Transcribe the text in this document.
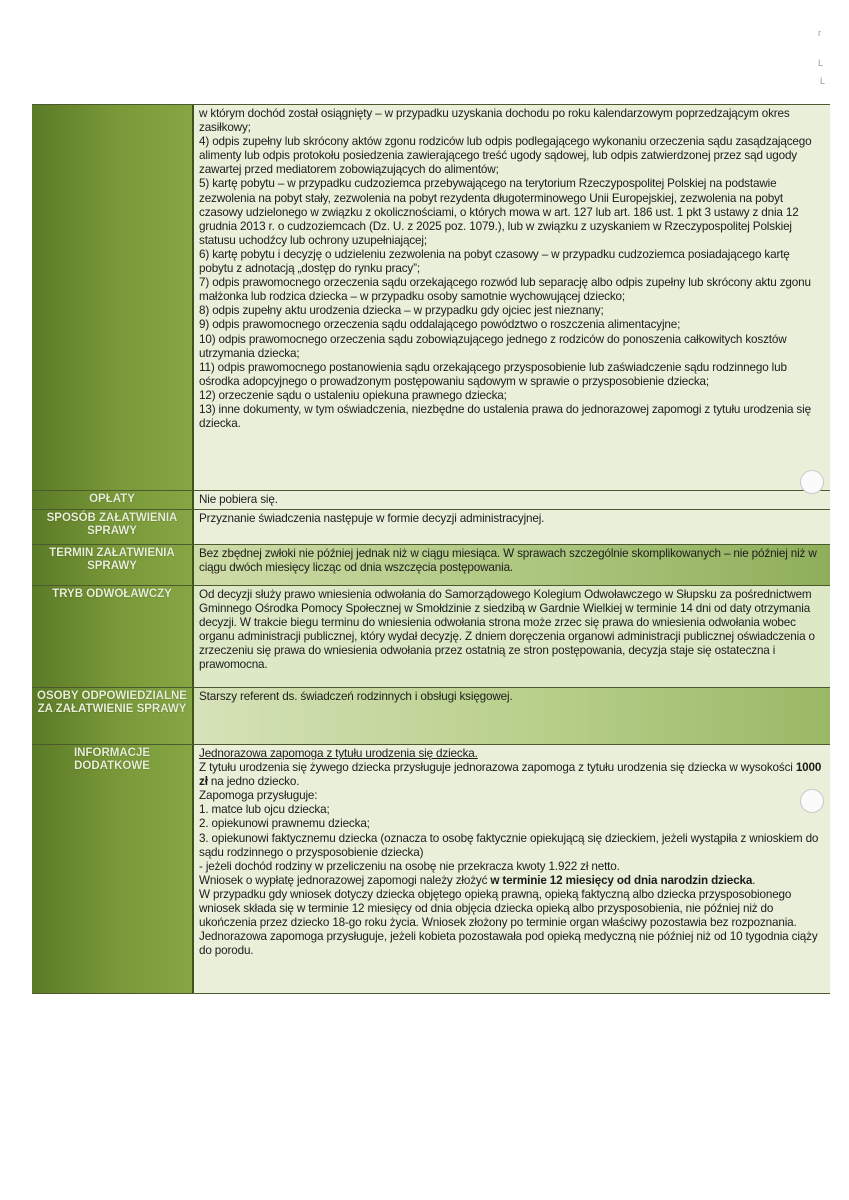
r
L
L

w którym dochód został osiągnięty – w przypadku uzyskania dochodu po roku kalendarzowym poprzedzającym okres zasiłkowy;

4) odpis zupełny lub skrócony aktów zgonu rodziców lub odpis podlegającego wykonaniu orzeczenia sądu zasądzającego alimenty lub odpis protokołu posiedzenia zawierającego treść ugody sądowej, lub odpis zatwierdzonej przez sąd ugody zawartej przed mediatorem zobowiązujących do alimentów;

5) kartę pobytu – w przypadku cudzoziemca przebywającego na terytorium Rzeczypospolitej Polskiej na podstawie zezwolenia na pobyt stały, zezwolenia na pobyt rezydenta długoterminowego Unii Europejskiej, zezwolenia na pobyt czasowy udzielonego w związku z okolicznościami, o których mowa w art. 127 lub art. 186 ust. 1 pkt 3 ustawy z dnia 12 grudnia 2013 r. o cudzoziemcach (Dz. U. z 2025 poz. 1079.), lub w związku z uzyskaniem w Rzeczypospolitej Polskiej statusu uchodźcy lub ochrony uzupełniającej;

6) kartę pobytu i decyzję o udzieleniu zezwolenia na pobyt czasowy – w przypadku cudzoziemca posiadającego kartę pobytu z adnotacją „dostęp do rynku pracy”;

7) odpis prawomocnego orzeczenia sądu orzekającego rozwód lub separację albo odpis zupełny lub skrócony aktu zgonu małżonka lub rodzica dziecka – w przypadku osoby samotnie wychowującej dziecko;

8) odpis zupełny aktu urodzenia dziecka – w przypadku gdy ojciec jest nieznany;

9) odpis prawomocnego orzeczenia sądu oddalającego powództwo o roszczenia alimentacyjne;

10) odpis prawomocnego orzeczenia sądu zobowiązującego jednego z rodziców do ponoszenia całkowitych kosztów utrzymania dziecka;

11) odpis prawomocnego postanowienia sądu orzekającego przysposobienie lub zaświadczenie sądu rodzinnego lub ośrodka adopcyjnego o prowadzonym postępowaniu sądowym w sprawie o przysposobienie dziecka;

12) orzeczenie sądu o ustaleniu opiekuna prawnego dziecka;

13) inne dokumenty, w tym oświadczenia, niezbędne do ustalenia prawa do jednorazowej zapomogi z tytułu urodzenia się dziecka.

OPŁATY	Nie pobiera się.
SPOSÓB ZAŁATWIENIA SPRAWY
Przyznanie świadczenia następuje w formie decyzji administracyjnej.
TERMIN ZAŁATWIENIA SPRAWY
Bez zbędnej zwłoki nie później jednak niż w ciągu miesiąca. W sprawach szczególnie skomplikowanych – nie później niż w ciągu dwóch miesięcy licząc od dnia wszczęcia postępowania.
TRYB ODWOŁAWCZY	Od decyzji służy prawo wniesienia odwołania do Samorządowego Kolegium Odwoławczego w Słupsku za pośrednictwem Gminnego Ośrodka Pomocy Społecznej w Smołdzinie z siedzibą w Gardnie Wielkiej w terminie 14 dni od daty otrzymania decyzji. W trakcie biegu terminu do wniesienia odwołania strona może zrzec się prawa do wniesienia odwołania wobec organu administracji publicznej, który wydał decyzję. Z dniem doręczenia organowi administracji publicznej oświadczenia o zrzeczeniu się prawa do wniesienia odwołania przez ostatnią ze stron postępowania, decyzja staje się ostateczna i prawomocna.
OSOBY ODPOWIEDZIALNE ZA ZAŁATWIENIE SPRAWY
Starszy referent ds. świadczeń rodzinnych i obsługi księgowej.
INFORMACJE DODATKOWE

Jednorazowa zapomoga z tytułu urodzenia się dziecka.

Z tytułu urodzenia się żywego dziecka przysługuje jednorazowa zapomoga z tytułu urodzenia się dziecka w wysokości 1000 zł na jedno dziecko.

Zapomoga przysługuje:

1. matce lub ojcu dziecka;

2. opiekunowi prawnemu dziecka;

3. opiekunowi faktycznemu dziecka (oznacza to osobę faktycznie opiekującą się dzieckiem, jeżeli wystąpiła z wnioskiem do sądu rodzinnego o przysposobienie dziecka)

- jeżeli dochód rodziny w przeliczeniu na osobę nie przekracza kwoty 1.922 zł netto.

Wniosek o wypłatę jednorazowej zapomogi należy złożyć w terminie 12 miesięcy od dnia narodzin dziecka.

W przypadku gdy wniosek dotyczy dziecka objętego opieką prawną, opieką faktyczną albo dziecka przysposobionego wniosek składa się w terminie 12 miesięcy od dnia objęcia dziecka opieką albo przysposobienia, nie później niż do ukończenia przez dziecko 18-go roku życia. Wniosek złożony po terminie organ właściwy pozostawia bez rozpoznania.

Jednorazowa zapomoga przysługuje, jeżeli kobieta pozostawała pod opieką medyczną nie później niż od 10 tygodnia ciąży do porodu.
